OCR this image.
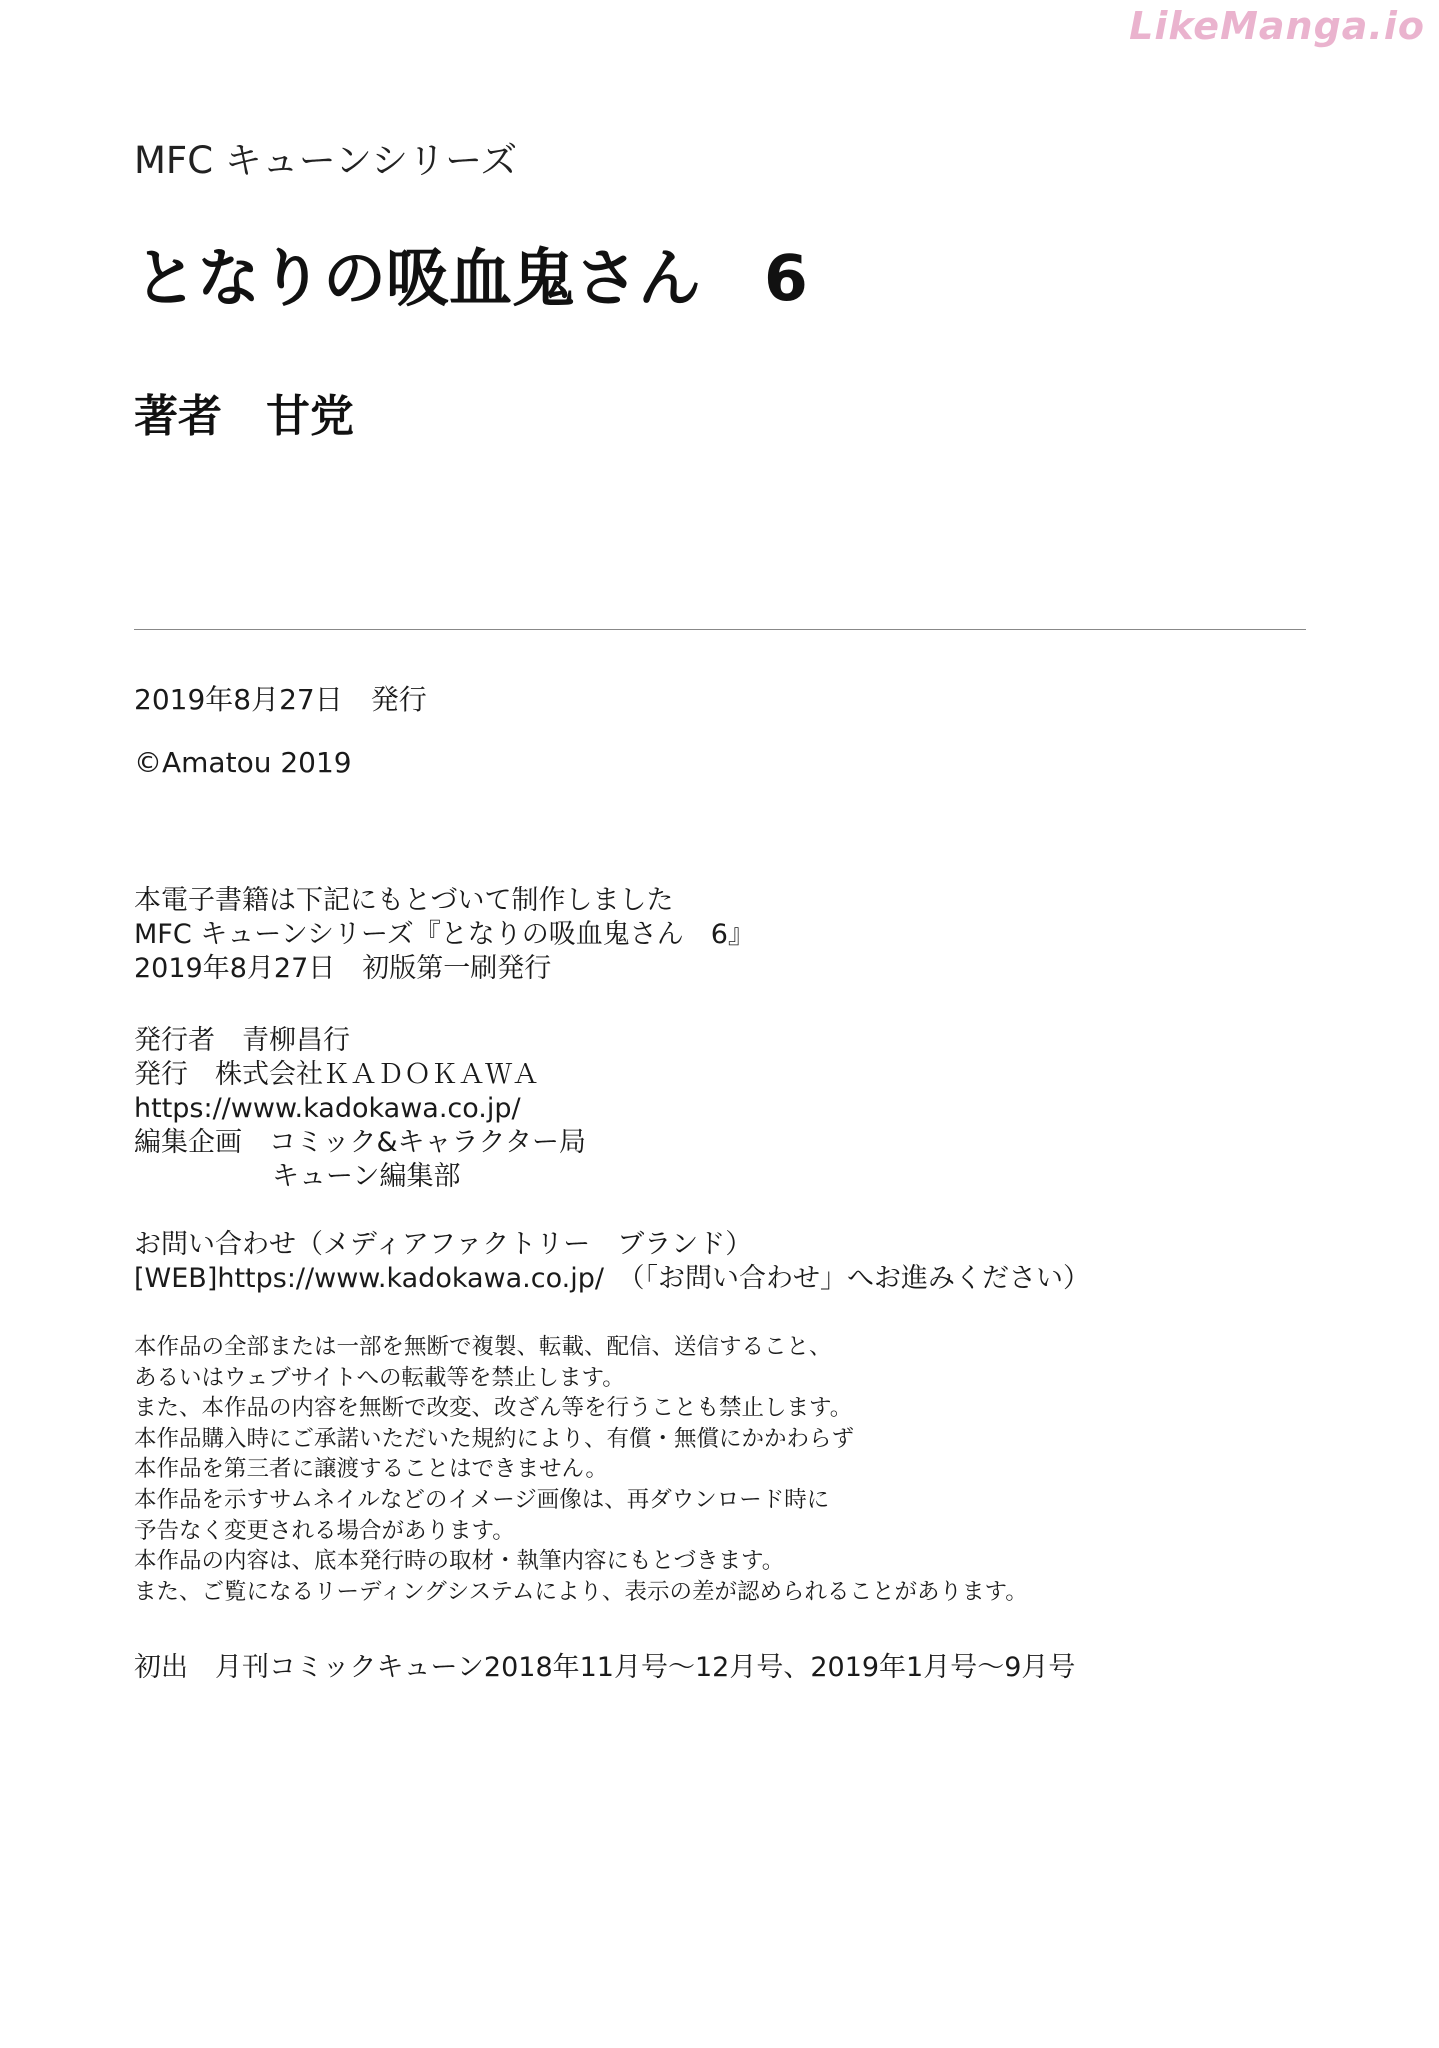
LikeManga.io
MFC キューンシリーズ
となりの吸血鬼さん　6
著者　甘党
2019年8月27日　発行
©Amatou 2019
本電子書籍は下記にもとづいて制作しました
MFC キューンシリーズ『となりの吸血鬼さん　6』
2019年8月27日　初版第一刷発行
発行者　青柳昌行
発行　株式会社ＫＡＤＯＫＡＷＡ
https://www.kadokawa.co.jp/
編集企画　コミック&キャラクター局
キューン編集部
お問い合わせ（メディアファクトリー　ブランド）
[WEB]https://www.kadokawa.co.jp/　（「お問い合わせ」へお進みください）
本作品の全部または一部を無断で複製、転載、配信、送信すること、
あるいはウェブサイトへの転載等を禁止します。
また、本作品の内容を無断で改変、改ざん等を行うことも禁止します。
本作品購入時にご承諾いただいた規約により、有償・無償にかかわらず
本作品を第三者に譲渡することはできません。
本作品を示すサムネイルなどのイメージ画像は、再ダウンロード時に
予告なく変更される場合があります。
本作品の内容は、底本発行時の取材・執筆内容にもとづきます。
また、ご覧になるリーディングシステムにより、表示の差が認められることがあります。
初出　月刊コミックキューン2018年11月号〜12月号、2019年1月号〜9月号
